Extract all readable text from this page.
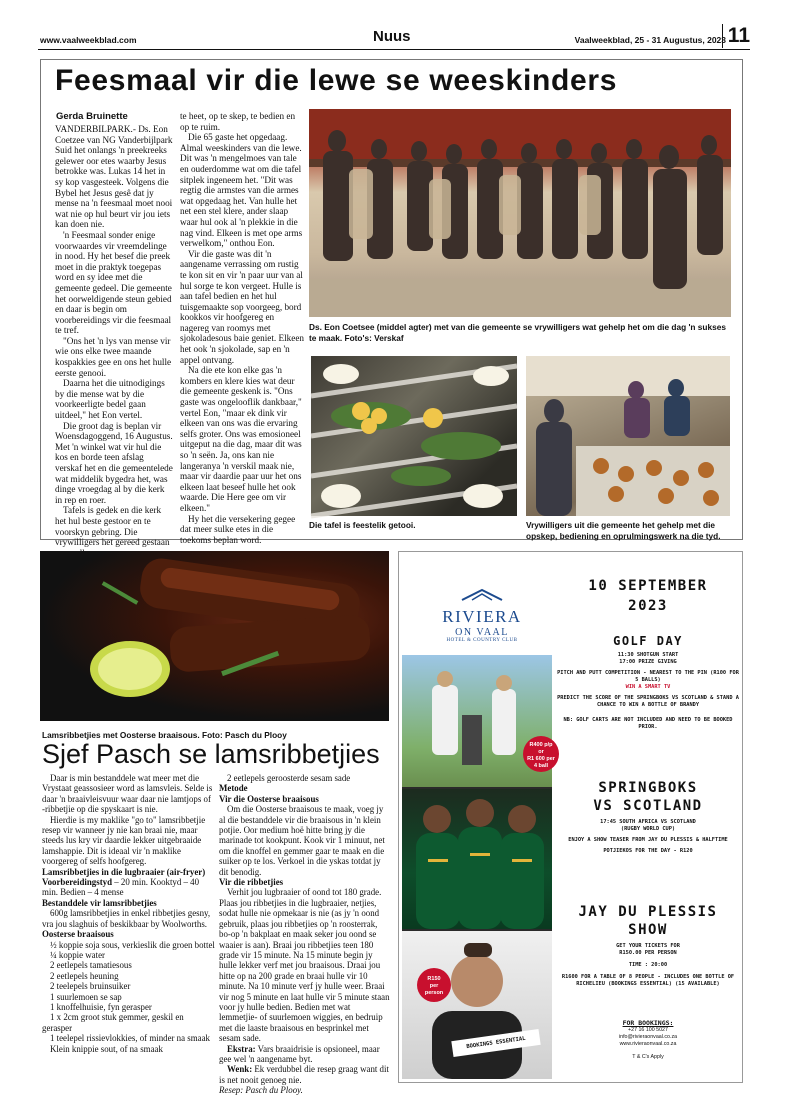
www.vaalweekblad.com	Nuus	Vaalweekblad, 25 - 31 Augustus, 2023 11
Feesmaal vir die lewe se weeskinders
Gerda Bruinette

VANDERBILPARK.- Ds. Eon Coetzee van NG Vanderbijlpark Suid het onlangs 'n preekreeks gelewer oor etes waarby Jesus betrokke was. Lukas 14 het in sy kop vasgesteek. Volgens die Bybel het Jesus gesê dat jy mense na 'n feesmaal moet nooi wat nie op hul beurt vir jou iets kan doen nie.

'n Feesmaal sonder enige voorwaardes vir vreemdelinge in nood. Hy het besef die preek moet in die praktyk toegepas word en sy idee met die gemeente gedeel. Die gemeente het oorweldigende steun gebied en daar is begin om voorbereidings vir die feesmaal te tref.

"Ons het 'n lys van mense vir wie ons elke twee maande kospakkies gee en ons het hulle eerste genooi.

Daarna het die uitnodigings by die mense wat by die voorkeerligte bedel gaan uitdeel," het Eon vertel.

Die groot dag is beplan vir Woensdagoggend, 16 Augustus. Met 'n winkel wat vir hul die kos en borde teen afslag verskaf het en die gemeentelede wat middelik bygedra het, was dinge vroegdag al by die kerk in rep en roer.

Tafels is gedek en die kerk het hul beste gestoor en te voorskyn gebring. Die vrywilligers het gereed gestaan

te heet, op te skep, te bedien en op te ruim.

Die 65 gaste het opgedaag. Almal weeskinders van die lewe. Dit was 'n mengelmoes van tale en ouderdomme wat om die tafel sitplek ingeneem het. "Dit was regtig die armstes van die armes wat opgedaag het. Van hulle het net een stel klere, ander slaap waar hul ook al 'n plekkie in die nag vind. Elkeen is met ope arms verwelkom," onthou Eon.

Vir die gaste was dit 'n aangename verrassing om rustig te kon sit en vir 'n paar uur van al hul sorge te kon vergeet. Hulle is aan tafel bedien en het hul tuisgemaakte sop voorgeeg, bord kookkos vir hoofgereg en nagereg van roomys met sjokoladesous baie geniet. Elkeen het ook 'n sjokolade, sap en 'n appel ontvang.

Na die ete kon elke gas 'n kombers en klere kies wat deur die gemeente geskenk is. "Ons gaste was ongelooflik dankbaar," vertel Eon, "maar ek dink vir elkeen van ons was die ervaring selfs groter. Ons was emosioneel uitgeput na die dag, maar dit was so 'n seën. Ja, ons kan nie langeranya 'n verskil maak nie, maar vir daardie paar uur het ons elkeen laat beseef hulle het ook waarde. Die Here gee om vir elkeen."

Hy het die versekering gegee dat meer sulke etes in die toekoms beplan word.

Ds. Eon Coetsee (middel agter) met van die gemeente se vrywilligers wat gehelp het om die dag 'n sukses te maak. Foto's: Verskaf
Die tafel is feestelik getooi.	Vrywilligers uit die gemeente het gehelp met die opskep, bediening en oprulmingswerk na die tyd.
Lamsribbetjies met Oosterse braaisous. Foto: Pasch du Plooy
Sjef Pasch se lamsribbetjies

Daar is min bestanddele wat meer met die Vrystaat geassosieer word as lamsvleis. Selde is daar 'n braaivleisvuur waar daar nie lamtjops of -ribbetjie op die spyskaart is nie.

Hierdie is my maklike "go to" lamsribbetjie resep vir wanneer jy nie kan braai nie, maar steeds lus kry vir daardie lekker uitgebraaide lamshappie. Dit is ideaal vir 'n maklike voorgereg of selfs hoofgereg.

Lamsribbetjies in die lugbraaier (air-fryer)

Voorbereidingstyd – 20 min. Kooktyd – 40 min. Bedien – 4 mense

Bestanddele vir lamsribbetjies

600g lamsribbetjies in enkel ribbetjies gesny, vra jou slaghuis of beskikbaar by Woolworths.

Oosterse braaisous

½ koppie soja sous, verkieslik die groen bottel

¼ koppie water

2 eetlepels tamatiesous

2 eetlepels heuning

2 teelepels bruinsuiker

1 suurlemoen se sap

1 knoffelhuisie, fyn gerasper

1 x 2cm groot stuk gemmer, geskil en gerasper

1 teelepel rissievlokkies, of minder na smaak

Klein knippie sout, of na smaak

2 eetlepels geroosterde sesam sade

Metode

Vir die Oosterse braaisous

Om die Oosterse braaisous te maak, voeg jy al die bestanddele vir die braaisous in 'n klein potjie. Oor medium hoë hitte bring jy die marinade tot kookpunt. Kook vir 1 minuut, net om die knoffel en gemmer gaar te maak en die suiker op te los. Verkoel in die yskas totdat jy dit benodig.

Vir die ribbetjies

Verhit jou lugbraaier of oond tot 180 grade. Plaas jou ribbetjies in die lugbraaier, netjies, sodat hulle nie opmekaar is nie (as jy 'n oond gebruik, plaas jou ribbetjies op 'n roosterrak, bo-op 'n bakplaat en maak seker jou oond se waaier is aan). Braai jou ribbetjies teen 180 grade vir 15 minute. Na 15 minute begin jy hulle lekker verf met jou braaisous. Draai jou hitte op na 200 grade en braai hulle vir 10 minute. Na 10 minute verf jy hulle weer. Braai vir nog 5 minute en laat hulle vir 5 minute staan voor jy hulle bedien. Bedien met wat lemmetjie- of suurlemoen wiggies, en bedruip met die laaste braaisous en besprinkel met sesam sade.

Ekstra: Vars braaidrisie is opsioneel, maar gee wel 'n aangename byt.

Wenk: Ek verdubbel die resep graag want dit is net nooit genoeg nie.

Resep: Pasch du Plooy.

BOOKINGS ESSENTIAL
RIVIERA
ON VAAL
HOTEL & COUNTRY CLUB
R400 p/p
or
R1 600 per
4 ball
R150
per
person
10 SEPTEMBER
2023
GOLF DAY
11:30 SHOTGUN START
17:00 PRIZE GIVING
PITCH AND PUTT COMPETITION - NEAREST TO THE PIN (R100 FOR 5 BALLS)
WIN A SMART TV
PREDICT THE SCORE OF THE SPRINGBOKS VS SCOTLAND & STAND A CHANCE TO WIN A BOTTLE OF BRANDY
NB: GOLF CARTS ARE NOT INCLUDED AND NEED TO BE BOOKED PRIOR.
SPRINGBOKS
VS SCOTLAND
17:45 SOUTH AFRICA VS SCOTLAND
(RUGBY WORLD CUP)
ENJOY A SHOW TEASER FROM JAY DU PLESSIS & HALFTIME
POTJIEKOS FOR THE DAY - R120
JAY DU PLESSIS
SHOW
GET YOUR TICKETS FOR
R150.00 PER PERSON
TIME : 20:00
R1600 FOR A TABLE OF 8 PEOPLE - INCLUDES ONE BOTTLE OF RICHELIEU (BOOKINGS ESSENTIAL) (15 AVAILABLE)
FOR BOOKINGS:
+27 16 100 5027
info@rivieraonvaal.co.za
www.rivieraonvaal.co.za
T & C's Apply
